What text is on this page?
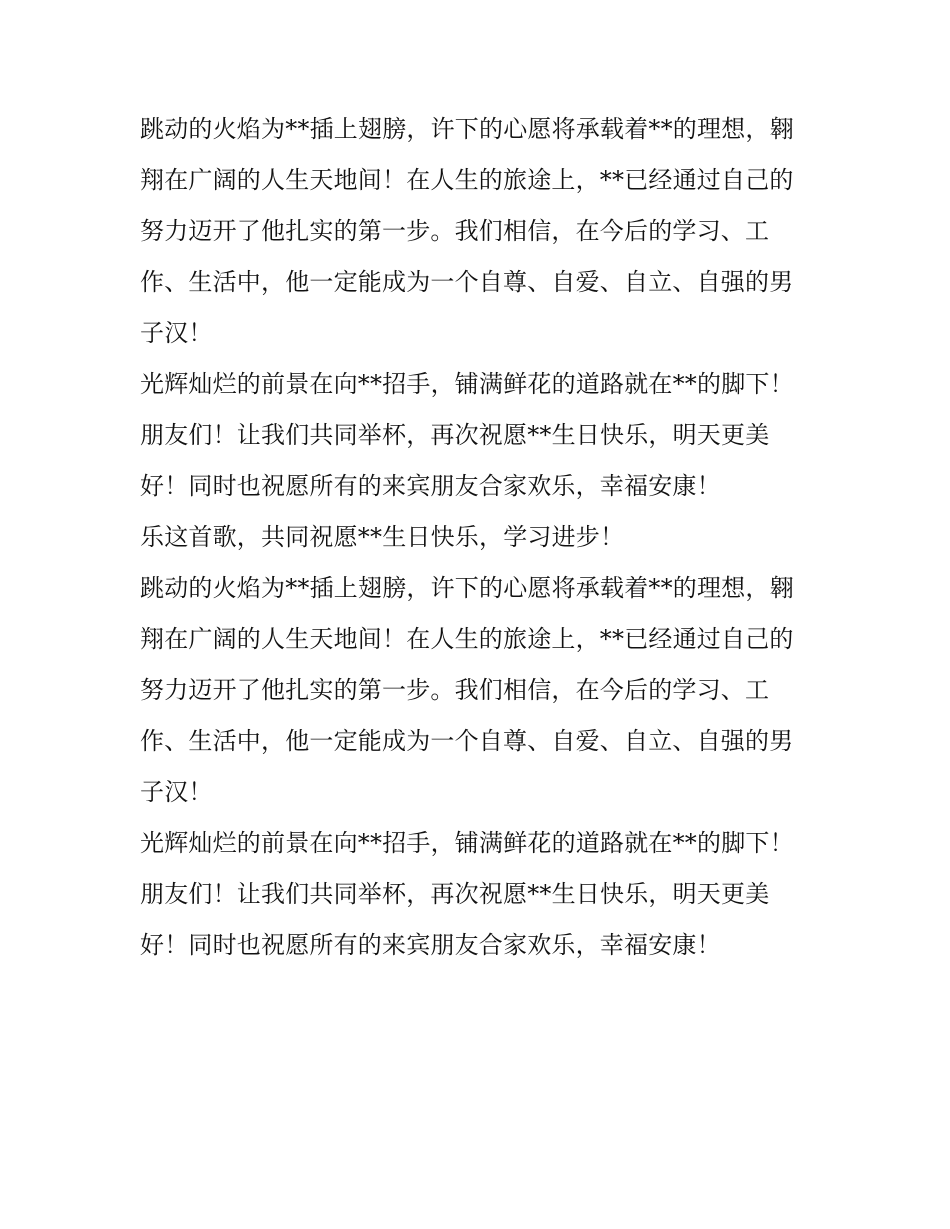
跳动的火焰为**插上翅膀，许下的心愿将承载着**的理想，翱
翔在广阔的人生天地间！在人生的旅途上，**已经通过自己的
努力迈开了他扎实的第一步。我们相信，在今后的学习、工
作、生活中，他一定能成为一个自尊、自爱、自立、自强的男
子汉！
光辉灿烂的前景在向**招手，铺满鲜花的道路就在**的脚下！
朋友们！让我们共同举杯，再次祝愿**生日快乐，明天更美
好！同时也祝愿所有的来宾朋友合家欢乐，幸福安康！
乐这首歌，共同祝愿**生日快乐，学习进步！
跳动的火焰为**插上翅膀，许下的心愿将承载着**的理想，翱
翔在广阔的人生天地间！在人生的旅途上，**已经通过自己的
努力迈开了他扎实的第一步。我们相信，在今后的学习、工
作、生活中，他一定能成为一个自尊、自爱、自立、自强的男
子汉！
光辉灿烂的前景在向**招手，铺满鲜花的道路就在**的脚下！
朋友们！让我们共同举杯，再次祝愿**生日快乐，明天更美
好！同时也祝愿所有的来宾朋友合家欢乐，幸福安康！
